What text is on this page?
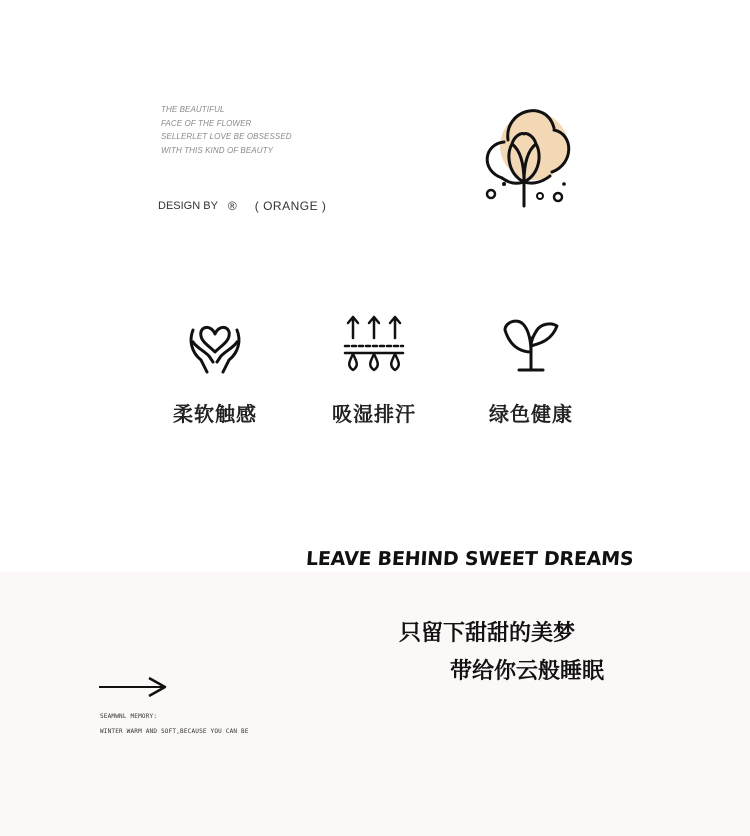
THE BEAUTIFUL
FACE OF THE FLOWER
SELLERLET LOVE BE OBSESSED
WITH THIS KIND OF BEAUTY
DESIGN BY ® ( ORANGE )
柔软触感	吸湿排汗	绿色健康
LEAVE BEHIND SWEET DREAMS
只留下甜甜的美梦
带给你云般睡眠
SEAMWNL MEMORY:
WINTER WARM AND SOFT,BECAUSE YOU CAN BE
